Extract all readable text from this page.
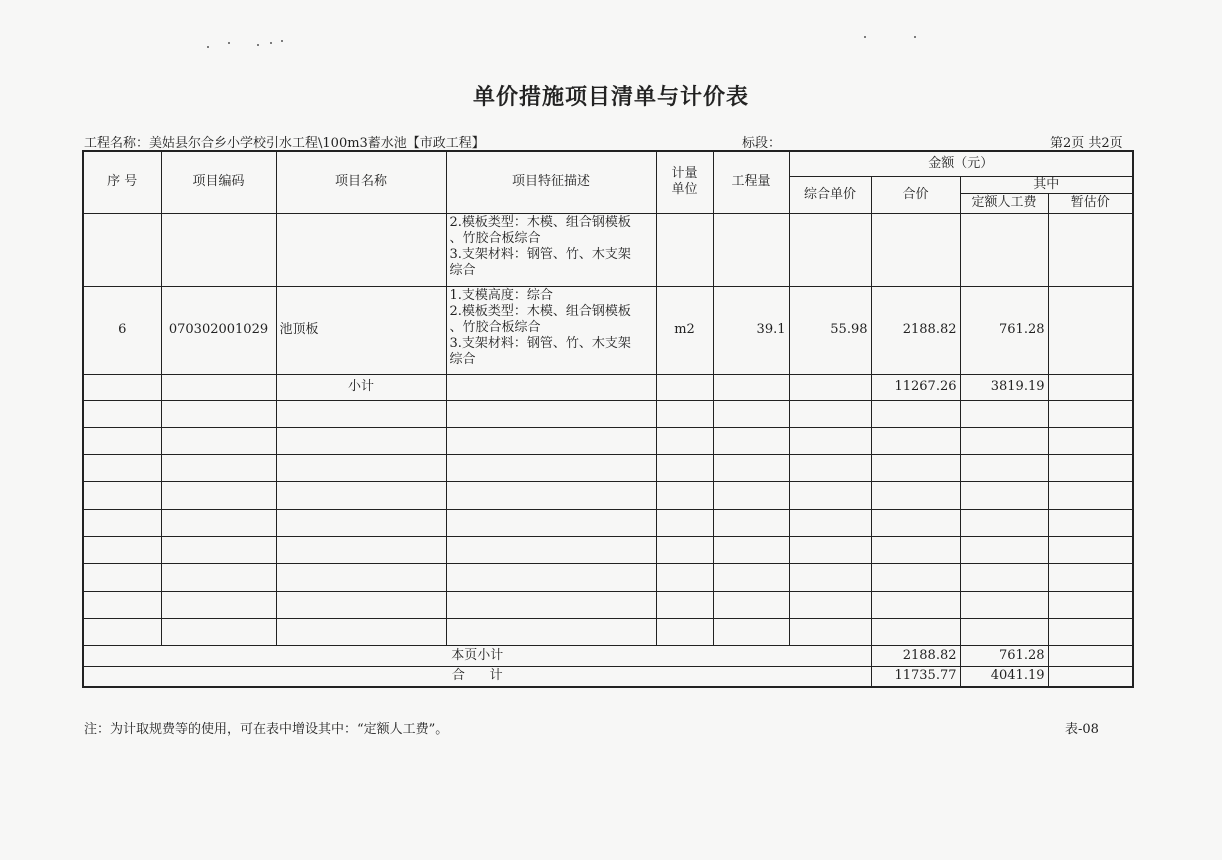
单价措施项目清单与计价表
工程名称：美姑县尔合乡小学校引水工程\100m3蓄水池【市政工程】	标段：	第2页 共2页
序 号	项目编码	项目名称	项目特征描述	计量单位	工程量	金额（元）			
						综合单价	合价	其中	
								定额人工费	暂估价

			2.模板类型：木模、组合钢模板
、竹胶合板综合
3.支架材料：钢管、竹、木支架
综合						

6	070302001029	池顶板	1.支模高度：综合
2.模板类型：木模、组合钢模板
、竹胶合板综合
3.支架材料：钢管、竹、木支架
综合	m2	39.1	55.98	2188.82	761.28	
		小计					11267.26	3819.19	

本页小计							2188.82	761.28	
合      计							11735.77	4041.19	
注：为计取规费等的使用，可在表中增设其中：“定额人工费”。	表-08
